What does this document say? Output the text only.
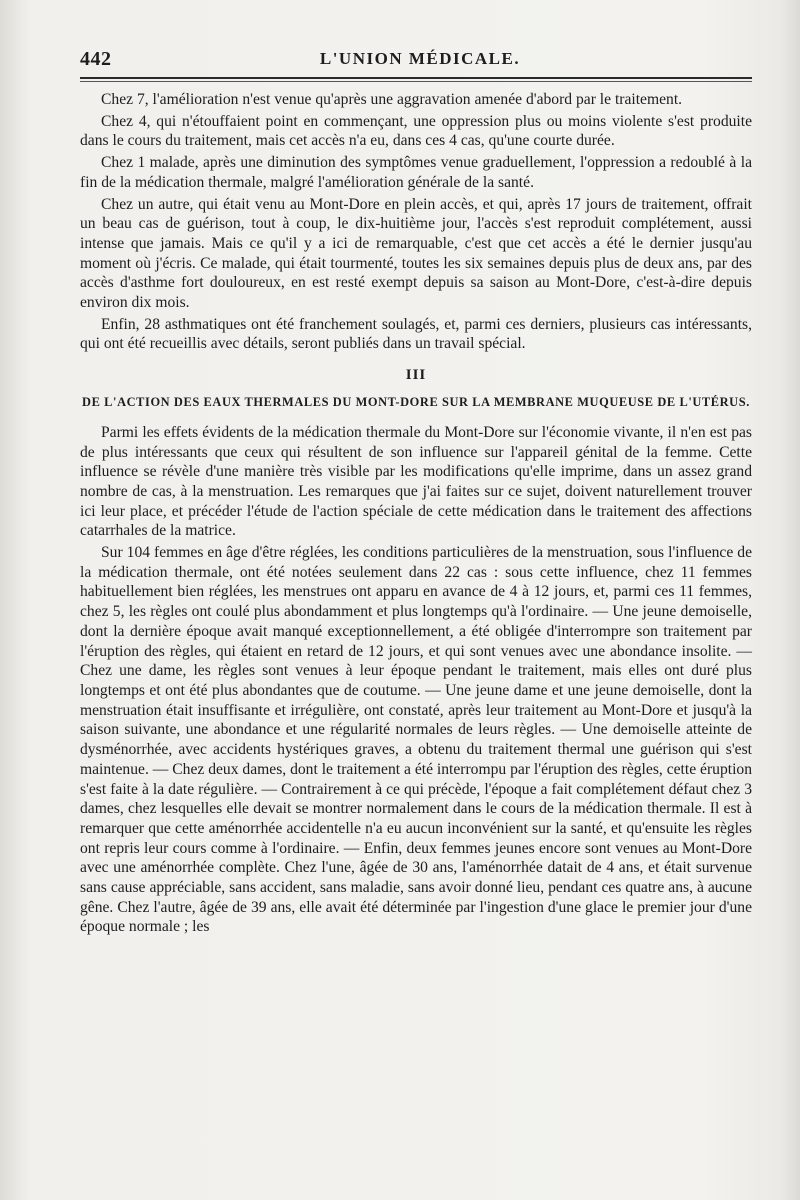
442	L'UNION MÉDICALE.

Chez 7, l'amélioration n'est venue qu'après une aggravation amenée d'abord par le traitement.

Chez 4, qui n'étouffaient point en commençant, une oppression plus ou moins violente s'est produite dans le cours du traitement, mais cet accès n'a eu, dans ces 4 cas, qu'une courte durée.

Chez 1 malade, après une diminution des symptômes venue graduellement, l'oppression a redoublé à la fin de la médication thermale, malgré l'amélioration générale de la santé.

Chez un autre, qui était venu au Mont-Dore en plein accès, et qui, après 17 jours de traitement, offrait un beau cas de guérison, tout à coup, le dix-huitième jour, l'accès s'est reproduit complétement, aussi intense que jamais. Mais ce qu'il y a ici de remarquable, c'est que cet accès a été le dernier jusqu'au moment où j'écris. Ce malade, qui était tourmenté, toutes les six semaines depuis plus de deux ans, par des accès d'asthme fort douloureux, en est resté exempt depuis sa saison au Mont-Dore, c'est-à-dire depuis environ dix mois.

Enfin, 28 asthmatiques ont été franchement soulagés, et, parmi ces derniers, plusieurs cas intéressants, qui ont été recueillis avec détails, seront publiés dans un travail spécial.

III
DE L'ACTION DES EAUX THERMALES DU MONT-DORE SUR LA MEMBRANE MUQUEUSE DE L'UTÉRUS.

Parmi les effets évidents de la médication thermale du Mont-Dore sur l'économie vivante, il n'en est pas de plus intéressants que ceux qui résultent de son influence sur l'appareil génital de la femme. Cette influence se révèle d'une manière très visible par les modifications qu'elle imprime, dans un assez grand nombre de cas, à la menstruation. Les remarques que j'ai faites sur ce sujet, doivent naturellement trouver ici leur place, et précéder l'étude de l'action spéciale de cette médication dans le traitement des affections catarrhales de la matrice.

Sur 104 femmes en âge d'être réglées, les conditions particulières de la menstruation, sous l'influence de la médication thermale, ont été notées seulement dans 22 cas : sous cette influence, chez 11 femmes habituellement bien réglées, les menstrues ont apparu en avance de 4 à 12 jours, et, parmi ces 11 femmes, chez 5, les règles ont coulé plus abondamment et plus longtemps qu'à l'ordinaire. — Une jeune demoiselle, dont la dernière époque avait manqué exceptionnellement, a été obligée d'interrompre son traitement par l'éruption des règles, qui étaient en retard de 12 jours, et qui sont venues avec une abondance insolite. — Chez une dame, les règles sont venues à leur époque pendant le traitement, mais elles ont duré plus longtemps et ont été plus abondantes que de coutume. — Une jeune dame et une jeune demoiselle, dont la menstruation était insuffisante et irrégulière, ont constaté, après leur traitement au Mont-Dore et jusqu'à la saison suivante, une abondance et une régularité normales de leurs règles. — Une demoiselle atteinte de dysménorrhée, avec accidents hystériques graves, a obtenu du traitement thermal une guérison qui s'est maintenue. — Chez deux dames, dont le traitement a été interrompu par l'éruption des règles, cette éruption s'est faite à la date régulière. — Contrairement à ce qui précède, l'époque a fait complétement défaut chez 3 dames, chez lesquelles elle devait se montrer normalement dans le cours de la médication thermale. Il est à remarquer que cette aménorrhée accidentelle n'a eu aucun inconvénient sur la santé, et qu'ensuite les règles ont repris leur cours comme à l'ordinaire. — Enfin, deux femmes jeunes encore sont venues au Mont-Dore avec une aménorrhée complète. Chez l'une, âgée de 30 ans, l'aménorrhée datait de 4 ans, et était survenue sans cause appréciable, sans accident, sans maladie, sans avoir donné lieu, pendant ces quatre ans, à aucune gêne. Chez l'autre, âgée de 39 ans, elle avait été déterminée par l'ingestion d'une glace le premier jour d'une époque normale ; les
